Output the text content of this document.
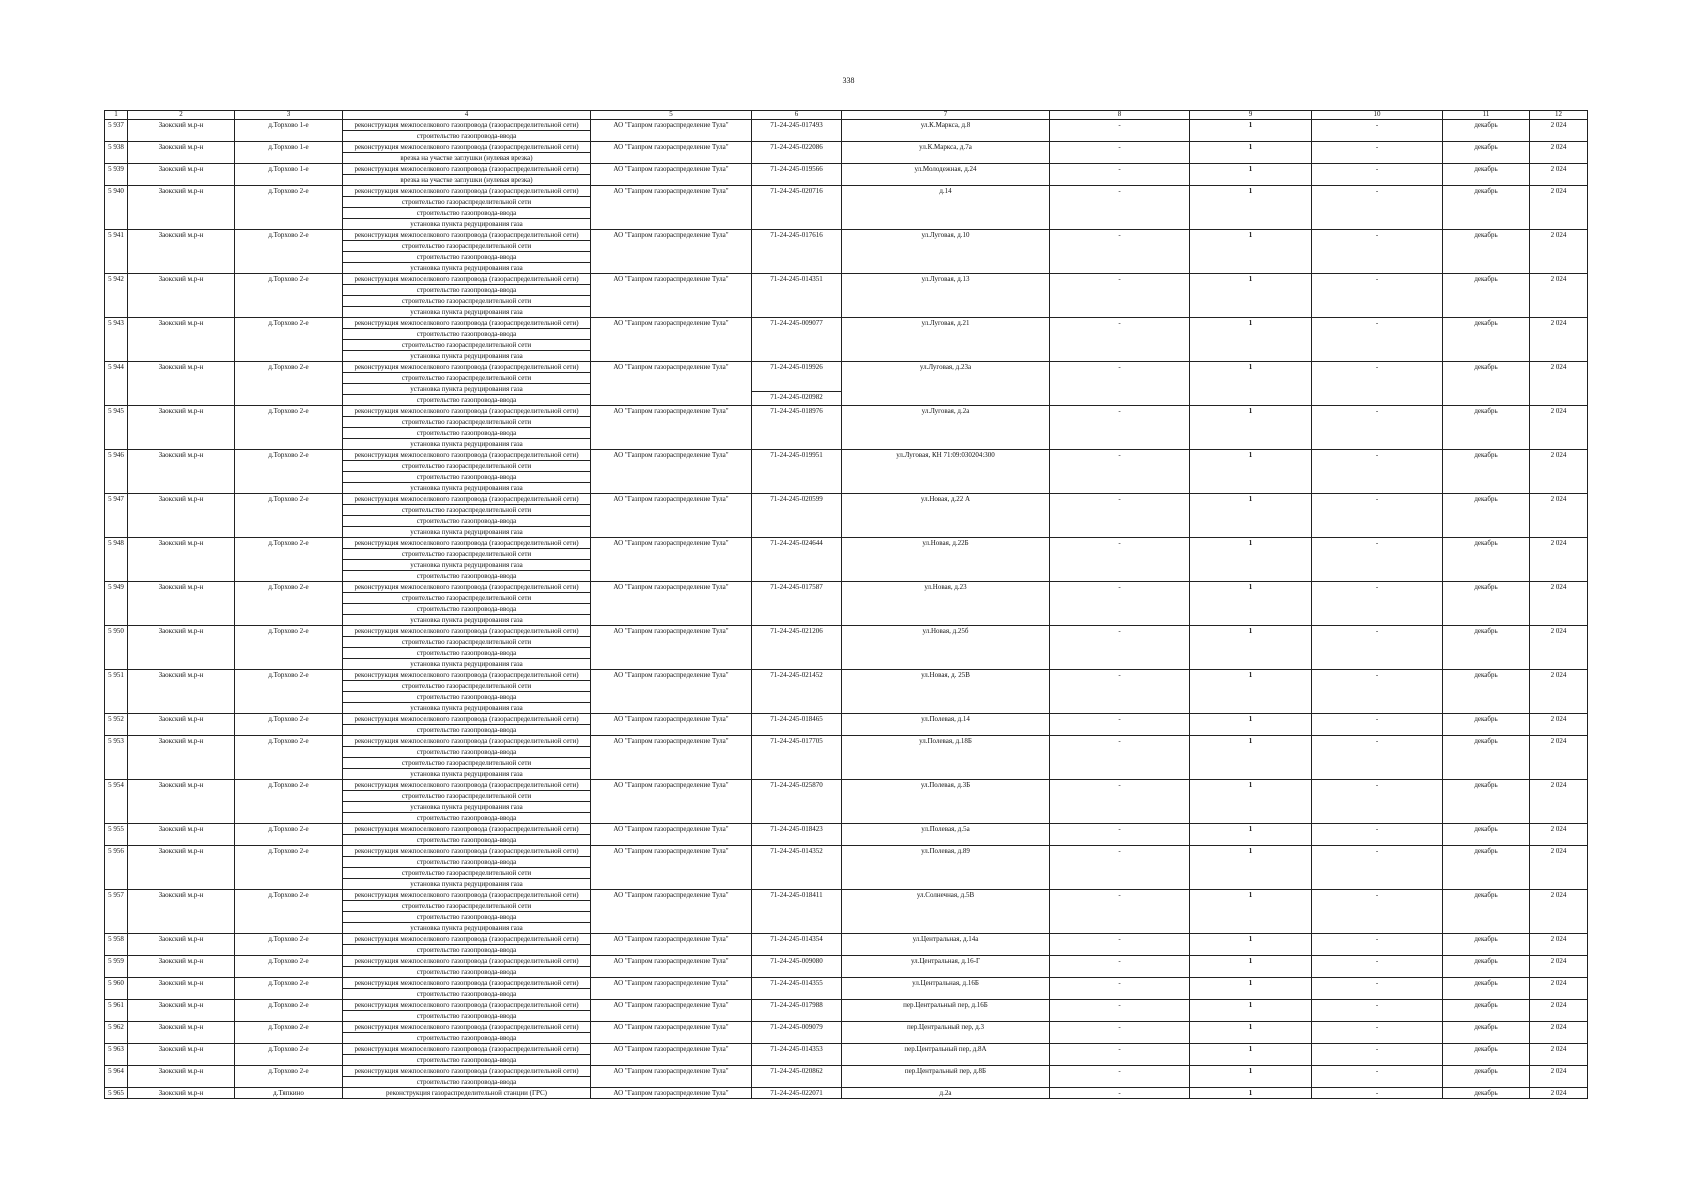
338
1	2	3	4	5	6	7	8	9	10	11	12

5 937	Заокский м.р-н	д.Торхово 1-е	реконструкция межпоселкового газопровода (газораспределительной сети)
строительство газопровода-ввода	АО "Газпром газораспределение Тула"	71-24-245-017493	ул.К.Маркса, д.8	-	1	-	декабрь	2 024

5 938	Заокский м.р-н	д.Торхово 1-е	реконструкция межпоселкового газопровода (газораспределительной сети)
врезка на участке заглушки (нулевая врезка)	АО "Газпром газораспределение Тула"	71-24-245-022086	ул.К.Маркса, д.7а	-	1	-	декабрь	2 024

5 939	Заокский м.р-н	д.Торхово 1-е	реконструкция межпоселкового газопровода (газораспределительной сети)
врезка на участке заглушки (нулевая врезка)	АО "Газпром газораспределение Тула"	71-24-245-019566	ул.Молодежная, д.24	-	1	-	декабрь	2 024

5 940	Заокский м.р-н	д.Торхово 2-е	реконструкция межпоселкового газопровода (газораспределительной сети)
строительство газораспределительной сети
строительство газопровода-ввода
установка пункта редуцирования газа	АО "Газпром газораспределение Тула"	71-24-245-020716	д.14	-	1	-	декабрь	2 024

5 941	Заокский м.р-н	д.Торхово 2-е	реконструкция межпоселкового газопровода (газораспределительной сети)
строительство газораспределительной сети
строительство газопровода-ввода
установка пункта редуцирования газа	АО "Газпром газораспределение Тула"	71-24-245-017616	ул.Луговая, д.10	-	1	-	декабрь	2 024

5 942	Заокский м.р-н	д.Торхово 2-е	реконструкция межпоселкового газопровода (газораспределительной сети)
строительство газопровода-ввода
строительство газораспределительной сети
установка пункта редуцирования газа	АО "Газпром газораспределение Тула"	71-24-245-014351	ул.Луговая, д.13	-	1	-	декабрь	2 024

5 943	Заокский м.р-н	д.Торхово 2-е	реконструкция межпоселкового газопровода (газораспределительной сети)
строительство газопровода-ввода
строительство газораспределительной сети
установка пункта редуцирования газа	АО "Газпром газораспределение Тула"	71-24-245-009077	ул.Луговая, д.21	-	1	-	декабрь	2 024

5 944	Заокский м.р-н	д.Торхово 2-е	реконструкция межпоселкового газопровода (газораспределительной сети)
строительство газораспределительной сети
установка пункта редуцирования газа
строительство газопровода-ввода	АО "Газпром газораспределение Тула"	71-24-245-019926
71-24-245-020982	ул.Луговая, д.23а	-	1	-	декабрь	2 024

5 945	Заокский м.р-н	д.Торхово 2-е	реконструкция межпоселкового газопровода (газораспределительной сети)
строительство газораспределительной сети
строительство газопровода-ввода
установка пункта редуцирования газа	АО "Газпром газораспределение Тула"	71-24-245-018976	ул.Луговая, д.2а	-	1	-	декабрь	2 024

5 946	Заокский м.р-н	д.Торхово 2-е	реконструкция межпоселкового газопровода (газораспределительной сети)
строительство газораспределительной сети
строительство газопровода-ввода
установка пункта редуцирования газа	АО "Газпром газораспределение Тула"	71-24-245-019951	ул.Луговая, КН 71:09:030204:300	-	1	-	декабрь	2 024

5 947	Заокский м.р-н	д.Торхово 2-е	реконструкция межпоселкового газопровода (газораспределительной сети)
строительство газораспределительной сети
строительство газопровода-ввода
установка пункта редуцирования газа	АО "Газпром газораспределение Тула"	71-24-245-020599	ул.Новая, д.22 А	-	1	-	декабрь	2 024

5 948	Заокский м.р-н	д.Торхово 2-е	реконструкция межпоселкового газопровода (газораспределительной сети)
строительство газораспределительной сети
установка пункта редуцирования газа
строительство газопровода-ввода	АО "Газпром газораспределение Тула"	71-24-245-024644	ул.Новая, д.22Б	-	1	-	декабрь	2 024

5 949	Заокский м.р-н	д.Торхово 2-е	реконструкция межпоселкового газопровода (газораспределительной сети)
строительство газораспределительной сети
строительство газопровода-ввода
установка пункта редуцирования газа	АО "Газпром газораспределение Тула"	71-24-245-017587	ул.Новая, д.23	-	1	-	декабрь	2 024

5 950	Заокский м.р-н	д.Торхово 2-е	реконструкция межпоселкового газопровода (газораспределительной сети)
строительство газораспределительной сети
строительство газопровода-ввода
установка пункта редуцирования газа	АО "Газпром газораспределение Тула"	71-24-245-021206	ул.Новая, д.25б	-	1	-	декабрь	2 024

5 951	Заокский м.р-н	д.Торхово 2-е	реконструкция межпоселкового газопровода (газораспределительной сети)
строительство газораспределительной сети
строительство газопровода-ввода
установка пункта редуцирования газа	АО "Газпром газораспределение Тула"	71-24-245-021452	ул.Новая, д. 25В	-	1	-	декабрь	2 024

5 952	Заокский м.р-н	д.Торхово 2-е	реконструкция межпоселкового газопровода (газораспределительной сети)
строительство газопровода-ввода	АО "Газпром газораспределение Тула"	71-24-245-018465	ул.Полевая, д.14	-	1	-	декабрь	2 024

5 953	Заокский м.р-н	д.Торхово 2-е	реконструкция межпоселкового газопровода (газораспределительной сети)
строительство газопровода-ввода
строительство газораспределительной сети
установка пункта редуцирования газа	АО "Газпром газораспределение Тула"	71-24-245-017705	ул.Полевая, д.18Б	-	1	-	декабрь	2 024

5 954	Заокский м.р-н	д.Торхово 2-е	реконструкция межпоселкового газопровода (газораспределительной сети)
строительство газораспределительной сети
установка пункта редуцирования газа
строительство газопровода-ввода	АО "Газпром газораспределение Тула"	71-24-245-025870	ул.Полевая, д.3Б	-	1	-	декабрь	2 024

5 955	Заокский м.р-н	д.Торхово 2-е	реконструкция межпоселкового газопровода (газораспределительной сети)
строительство газопровода-ввода	АО "Газпром газораспределение Тула"	71-24-245-018423	ул.Полевая, д.5а	-	1	-	декабрь	2 024

5 956	Заокский м.р-н	д.Торхово 2-е	реконструкция межпоселкового газопровода (газораспределительной сети)
строительство газопровода-ввода
строительство газораспределительной сети
установка пункта редуцирования газа	АО "Газпром газораспределение Тула"	71-24-245-014352	ул.Полевая, д.89	-	1	-	декабрь	2 024

5 957	Заокский м.р-н	д.Торхово 2-е	реконструкция межпоселкового газопровода (газораспределительной сети)
строительство газораспределительной сети
строительство газопровода-ввода
установка пункта редуцирования газа	АО "Газпром газораспределение Тула"	71-24-245-018411	ул.Солнечная, д.5В	-	1	-	декабрь	2 024

5 958	Заокский м.р-н	д.Торхово 2-е	реконструкция межпоселкового газопровода (газораспределительной сети)
строительство газопровода-ввода	АО "Газпром газораспределение Тула"	71-24-245-014354	ул.Центральная, д.14а	-	1	-	декабрь	2 024

5 959	Заокский м.р-н	д.Торхово 2-е	реконструкция межпоселкового газопровода (газораспределительной сети)
строительство газопровода-ввода	АО "Газпром газораспределение Тула"	71-24-245-009080	ул.Центральная, д.16-Г	-	1	-	декабрь	2 024

5 960	Заокский м.р-н	д.Торхово 2-е	реконструкция межпоселкового газопровода (газораспределительной сети)
строительство газопровода-ввода	АО "Газпром газораспределение Тула"	71-24-245-014355	ул.Центральная, д.16Б	-	1	-	декабрь	2 024

5 961	Заокский м.р-н	д.Торхово 2-е	реконструкция межпоселкового газопровода (газораспределительной сети)
строительство газопровода-ввода	АО "Газпром газораспределение Тула"	71-24-245-017988	пер.Центральный пер, д.16Б	-	1	-	декабрь	2 024

5 962	Заокский м.р-н	д.Торхово 2-е	реконструкция межпоселкового газопровода (газораспределительной сети)
строительство газопровода-ввода	АО "Газпром газораспределение Тула"	71-24-245-009079	пер.Центральный пер, д.3	-	1	-	декабрь	2 024

5 963	Заокский м.р-н	д.Торхово 2-е	реконструкция межпоселкового газопровода (газораспределительной сети)
строительство газопровода-ввода	АО "Газпром газораспределение Тула"	71-24-245-014353	пер.Центральный пер, д.8А	-	1	-	декабрь	2 024

5 964	Заокский м.р-н	д.Торхово 2-е	реконструкция межпоселкового газопровода (газораспределительной сети)
строительство газопровода-ввода	АО "Газпром газораспределение Тула"	71-24-245-020862	пер.Центральный пер, д.8Б	-	1	-	декабрь	2 024

5 965	Заокский м.р-н	д.Тяпкино	реконструкция газораспределительной станции (ГРС)	АО "Газпром газораспределение Тула"	71-24-245-022071	д.2а	-	1	-	декабрь	2 024
